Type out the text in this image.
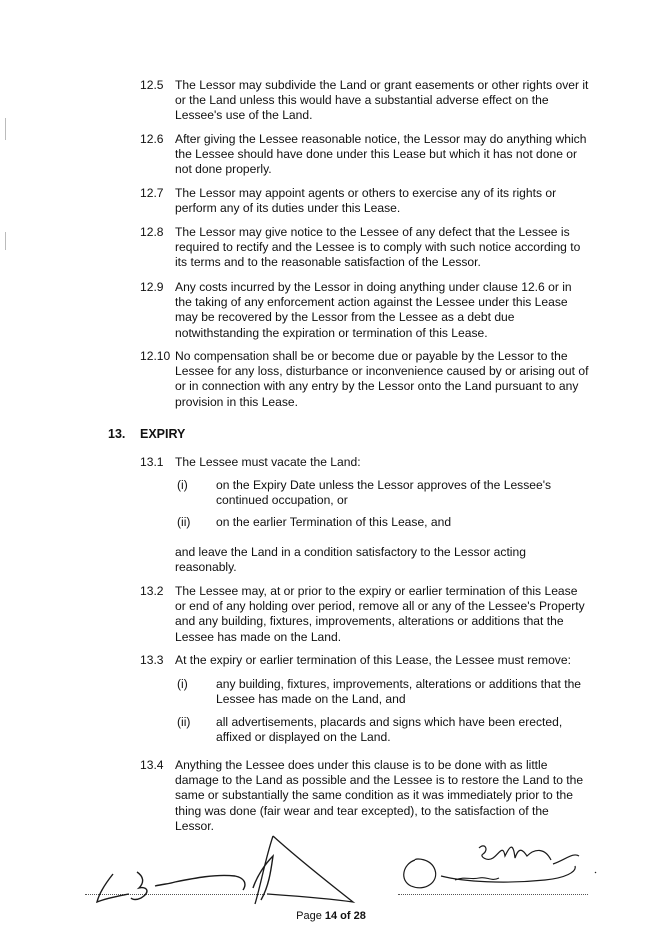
12.5 The Lessor may subdivide the Land or grant easements or other rights over it or the Land unless this would have a substantial adverse effect on the Lessee's use of the Land.
12.6 After giving the Lessee reasonable notice, the Lessor may do anything which the Lessee should have done under this Lease but which it has not done or not done properly.
12.7 The Lessor may appoint agents or others to exercise any of its rights or perform any of its duties under this Lease.
12.8 The Lessor may give notice to the Lessee of any defect that the Lessee is required to rectify and the Lessee is to comply with such notice according to its terms and to the reasonable satisfaction of the Lessor.
12.9 Any costs incurred by the Lessor in doing anything under clause 12.6 or in the taking of any enforcement action against the Lessee under this Lease may be recovered by the Lessor from the Lessee as a debt due notwithstanding the expiration or termination of this Lease.
12.10 No compensation shall be or become due or payable by the Lessor to the Lessee for any loss, disturbance or inconvenience caused by or arising out of or in connection with any entry by the Lessor onto the Land pursuant to any provision in this Lease.
13. EXPIRY
13.1 The Lessee must vacate the Land:
(i) on the Expiry Date unless the Lessor approves of the Lessee's continued occupation, or
(ii) on the earlier Termination of this Lease, and
and leave the Land in a condition satisfactory to the Lessor acting reasonably.
13.2 The Lessee may, at or prior to the expiry or earlier termination of this Lease or end of any holding over period, remove all or any of the Lessee's Property and any building, fixtures, improvements, alterations or additions that the Lessee has made on the Land.
13.3 At the expiry or earlier termination of this Lease, the Lessee must remove:
(i) any building, fixtures, improvements, alterations or additions that the Lessee has made on the Land, and
(ii) all advertisements, placards and signs which have been erected, affixed or displayed on the Land.
13.4 Anything the Lessee does under this clause is to be done with as little damage to the Land as possible and the Lessee is to restore the Land to the same or substantially the same condition as it was immediately prior to the thing was done (fair wear and tear excepted), to the satisfaction of the Lessor.
Page 14 of 28
